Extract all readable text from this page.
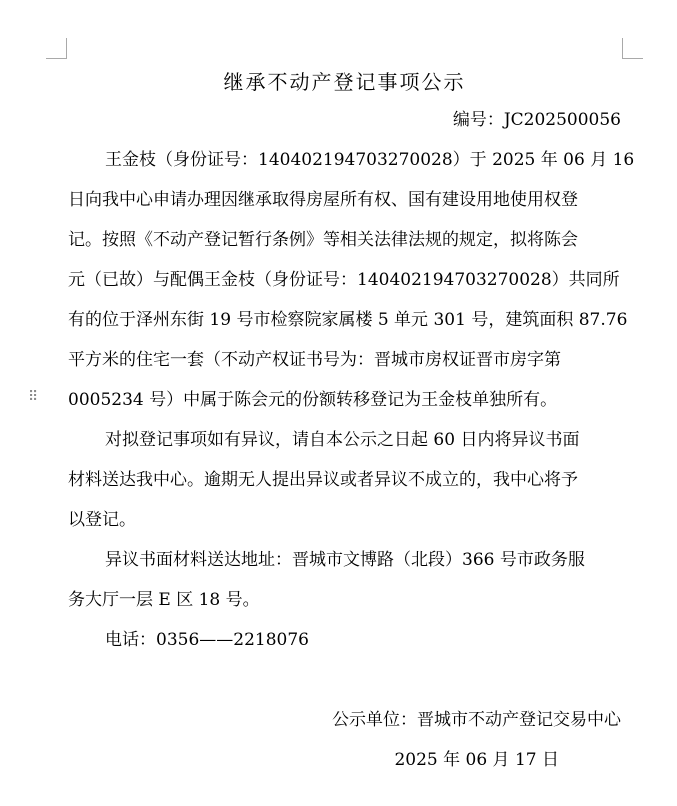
⠿

继承不动产登记事项公示

编号：JC202500056

王金枝（身份证号：140402194703270028）于 2025 年 06 月 16
日向我中心申请办理因继承取得房屋所有权、国有建设用地使用权登
记。按照《不动产登记暂行条例》等相关法律法规的规定，拟将陈会
元（已故）与配偶王金枝（身份证号：140402194703270028）共同所
有的位于泽州东街 19 号市检察院家属楼 5 单元 301 号，建筑面积 87.76
平方米的住宅一套（不动产权证书号为：晋城市房权证晋市房字第
0005234 号）中属于陈会元的份额转移登记为王金枝单独所有。
对拟登记事项如有异议，请自本公示之日起 60 日内将异议书面
材料送达我中心。逾期无人提出异议或者异议不成立的，我中心将予
以登记。
异议书面材料送达地址：晋城市文博路（北段）366 号市政务服
务大厅一层 E 区 18 号。

电话：0356——2218076

公示单位：晋城市不动产登记交易中心

2025 年 06 月 17 日
